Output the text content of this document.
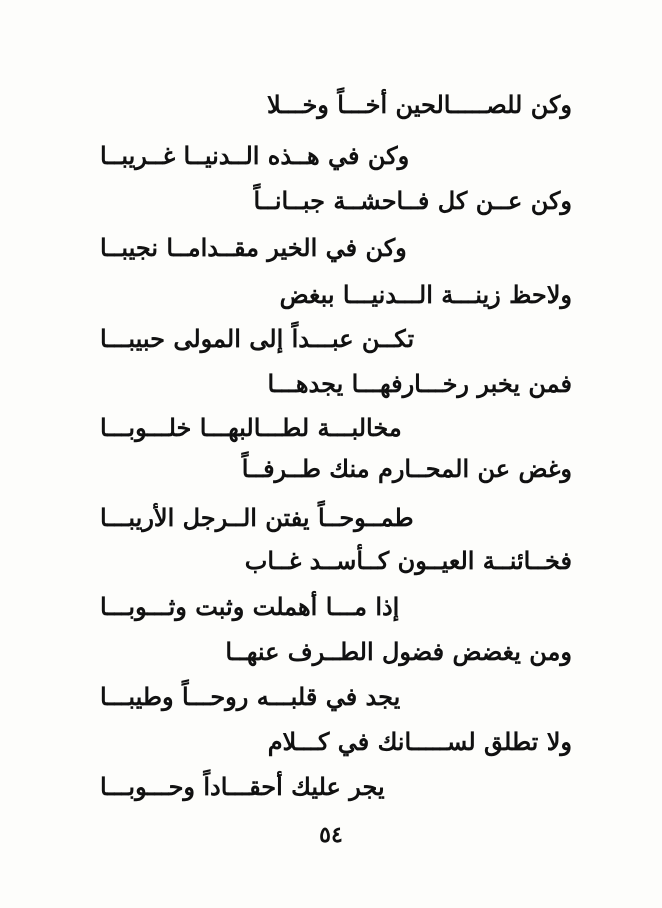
وكن للصـــــالحين أخـــاً وخـــلا
وكن في هــذه الــدنيــا غــريبــا
وكن عــن كل فــاحشــة جبــانــاً
وكن في الخير مقــدامــا نجيبــا
ولاحظ زينـــة الـــدنيـــا ببغض
تكــن عبـــداً إلى المولى حبيبـــا
فمن يخبر رخـــارفهـــا يجدهـــا
مخالبـــة لطـــالبهـــا خلـــوبـــا
وغض عن المحــارم منك طــرفــاً
طمــوحــاً يفتن الــرجل الأريبـــا
فخــائنــة العيــون كــأســد غــاب
إذا مـــا أهملت وثبت وثـــوبـــا
ومن يغضض فضول الطــرف عنهــا
يجد في قلبـــه روحـــاً وطيبـــا
ولا تطلق لســـــانك في كـــلام
يجر عليك أحقـــاداً وحـــوبـــا
٥٤
